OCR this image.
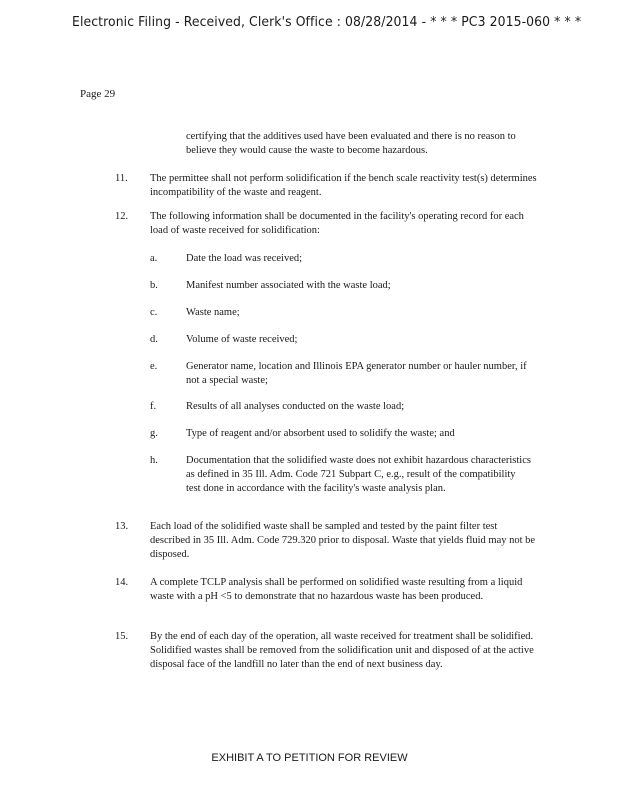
Electronic Filing - Received, Clerk's Office : 08/28/2014 - * * * PC3 2015-060 * * *
Page 29
certifying that the additives used have been evaluated and there is no reason to believe they would cause the waste to become hazardous.
11.	The permittee shall not perform solidification if the bench scale reactivity test(s) determines incompatibility of the waste and reagent.
12.	The following information shall be documented in the facility's operating record for each load of waste received for solidification:
a.	Date the load was received;
b.	Manifest number associated with the waste load;
c.	Waste name;
d.	Volume of waste received;
e.	Generator name, location and Illinois EPA generator number or hauler number, if not a special waste;
f.	Results of all analyses conducted on the waste load;
g.	Type of reagent and/or absorbent used to solidify the waste; and
h.	Documentation that the solidified waste does not exhibit hazardous characteristics as defined in 35 Ill. Adm. Code 721 Subpart C, e.g., result of the compatibility test done in accordance with the facility's waste analysis plan.
13.	Each load of the solidified waste shall be sampled and tested by the paint filter test described in 35 Ill. Adm. Code 729.320 prior to disposal. Waste that yields fluid may not be disposed.
14.	A complete TCLP analysis shall be performed on solidified waste resulting from a liquid waste with a pH <5 to demonstrate that no hazardous waste has been produced.
15.	By the end of each day of the operation, all waste received for treatment shall be solidified. Solidified wastes shall be removed from the solidification unit and disposed of at the active disposal face of the landfill no later than the end of next business day.
EXHIBIT A TO PETITION FOR REVIEW
